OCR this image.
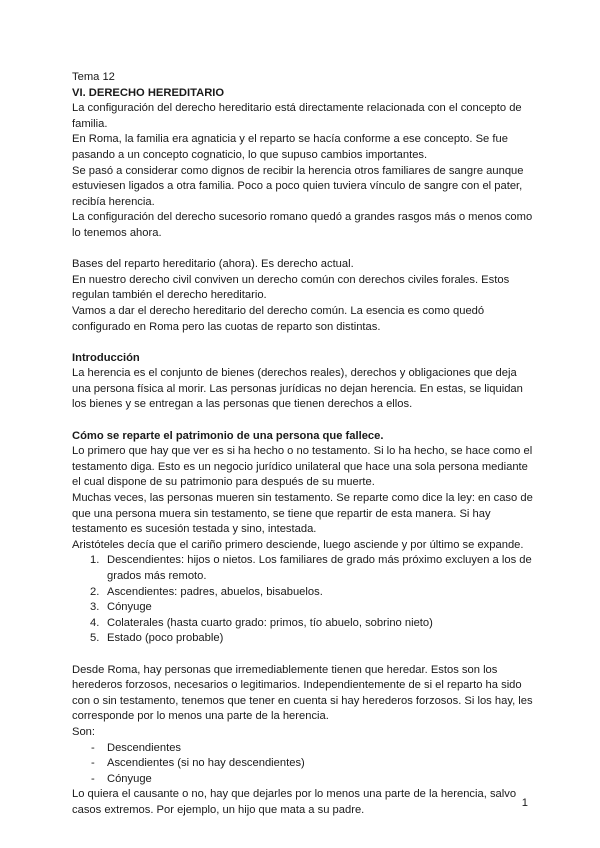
Tema 12

VI. DERECHO HEREDITARIO

La configuración del derecho hereditario está directamente relacionada con el concepto de familia.

En Roma, la familia era agnaticia y el reparto se hacía conforme a ese concepto. Se fue pasando a un concepto cognaticio, lo que supuso cambios importantes.

Se pasó a considerar como dignos de recibir la herencia otros familiares de sangre aunque estuviesen ligados a otra familia. Poco a poco quien tuviera vínculo de sangre con el pater, recibía herencia.

La configuración del derecho sucesorio romano quedó a grandes rasgos más o menos como lo tenemos ahora.

Bases del reparto hereditario (ahora). Es derecho actual.

En nuestro derecho civil conviven un derecho común con derechos civiles forales. Estos regulan también el derecho hereditario.

Vamos a dar el derecho hereditario del derecho común. La esencia es como quedó configurado en Roma pero las cuotas de reparto son distintas.

Introducción

La herencia es el conjunto de bienes (derechos reales), derechos y obligaciones que deja una persona física al morir. Las personas jurídicas no dejan herencia. En estas, se liquidan los bienes y se entregan a las personas que tienen derechos a ellos.

Cómo se reparte el patrimonio de una persona que fallece.

Lo primero que hay que ver es si ha hecho o no testamento. Si lo ha hecho, se hace como el testamento diga. Esto es un negocio jurídico unilateral que hace una sola persona mediante el cual dispone de su patrimonio para después de su muerte.

Muchas veces, las personas mueren sin testamento. Se reparte como dice la ley: en caso de que una persona muera sin testamento, se tiene que repartir de esta manera. Si hay testamento es sucesión testada y sino, intestada.

Aristóteles decía que el cariño primero desciende, luego asciende y por último se expande.

1. Descendientes: hijos o nietos. Los familiares de grado más próximo excluyen a los de grados más remoto.
2. Ascendientes: padres, abuelos, bisabuelos.
3. Cónyuge
4. Colaterales (hasta cuarto grado: primos, tío abuelo, sobrino nieto)
5. Estado (poco probable)

Desde Roma, hay personas que irremediablemente tienen que heredar. Estos son los herederos forzosos, necesarios o legitimarios. Independientemente de si el reparto ha sido con o sin testamento, tenemos que tener en cuenta si hay herederos forzosos. Si los hay, les corresponde por lo menos una parte de la herencia.

Son:

- Descendientes
- Ascendientes (si no hay descendientes)
- Cónyuge

Lo quiera el causante o no, hay que dejarles por lo menos una parte de la herencia, salvo casos extremos. Por ejemplo, un hijo que mata a su padre.

1
